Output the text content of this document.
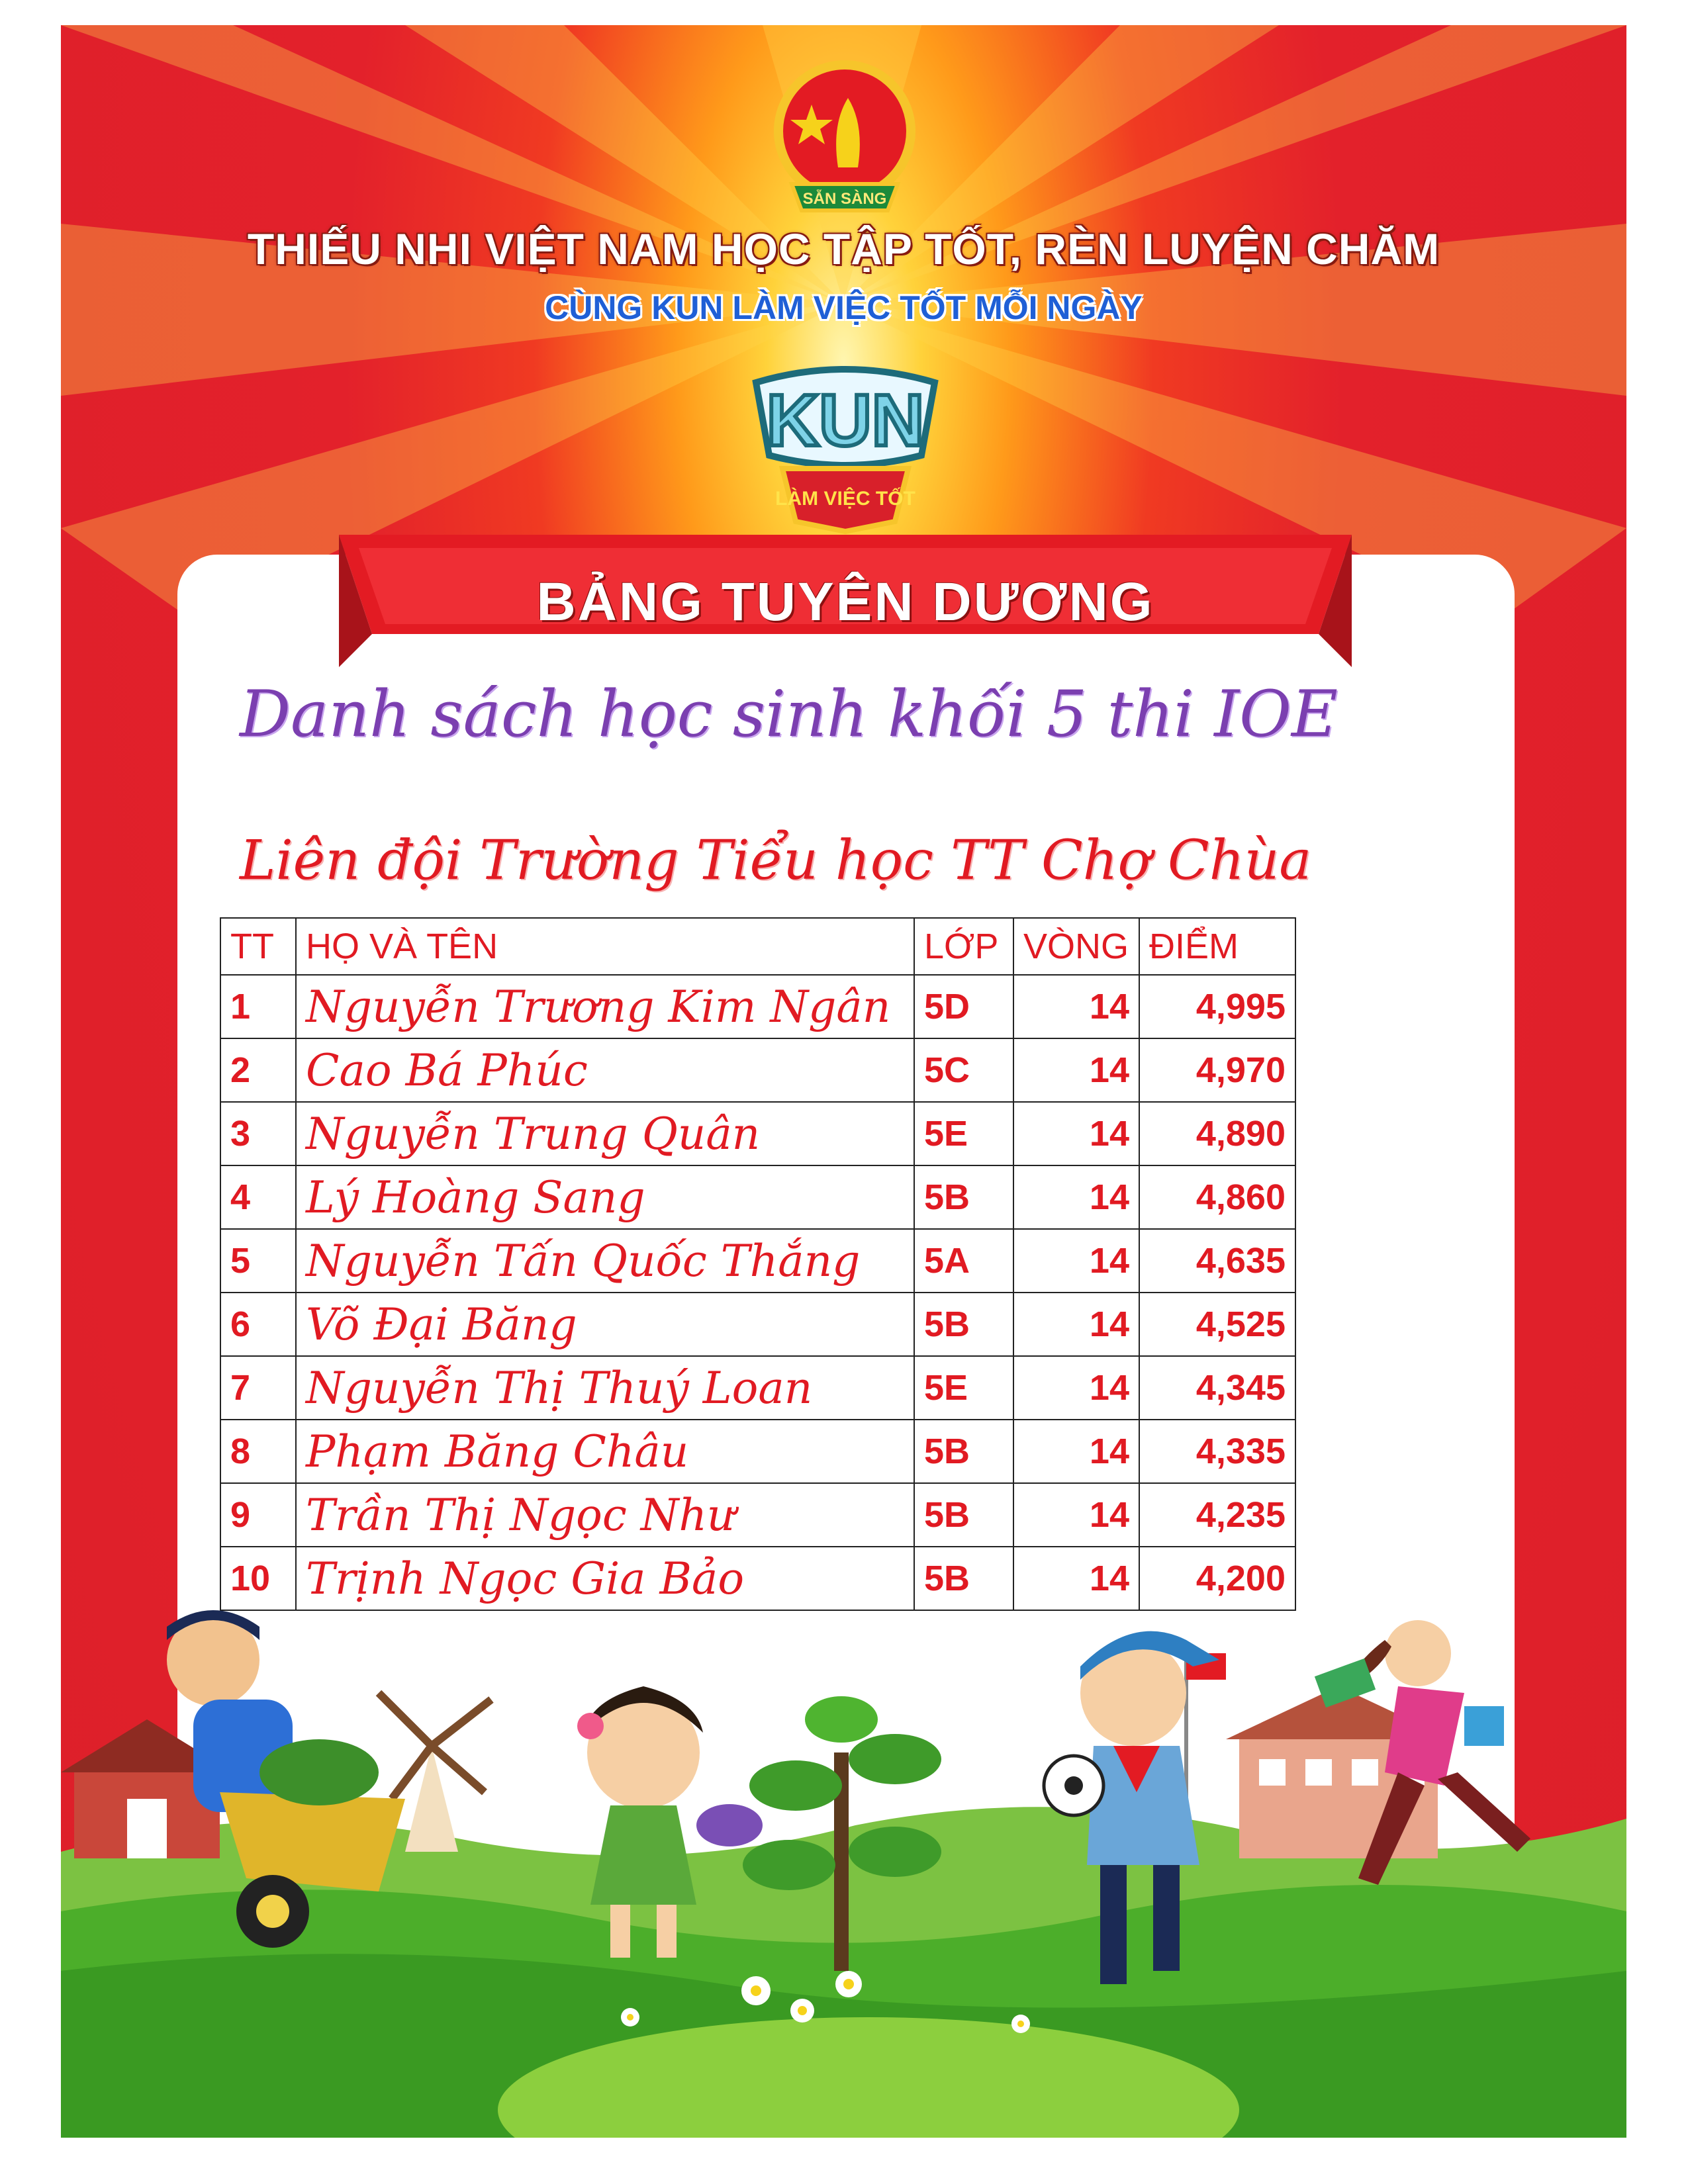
SẴN SÀNG
THIẾU NHI VIỆT NAM HỌC TẬP TỐT, RÈN LUYỆN CHĂM
CÙNG KUN LÀM VIỆC TỐT MỖI NGÀY
KUN
LÀM VIỆC TỐT
BẢNG TUYÊN DƯƠNG
Danh sách học sinh khối 5 thi IOE
Liên đội Trường Tiểu học TT Chợ Chùa
TT	HỌ VÀ TÊN	LỚP	VÒNG	ĐIỂM
1	Nguyễn Trương Kim Ngân	5D	14	4,995
2	Cao Bá Phúc	5C	14	4,970
3	Nguyễn Trung Quân	5E	14	4,890
4	Lý Hoàng Sang	5B	14	4,860
5	Nguyễn Tấn Quốc Thắng	5A	14	4,635
6	Võ Đại Băng	5B	14	4,525
7	Nguyễn Thị Thuý Loan	5E	14	4,345
8	Phạm Băng Châu	5B	14	4,335
9	Trần Thị Ngọc Như	5B	14	4,235
10	Trịnh Ngọc Gia Bảo	5B	14	4,200
